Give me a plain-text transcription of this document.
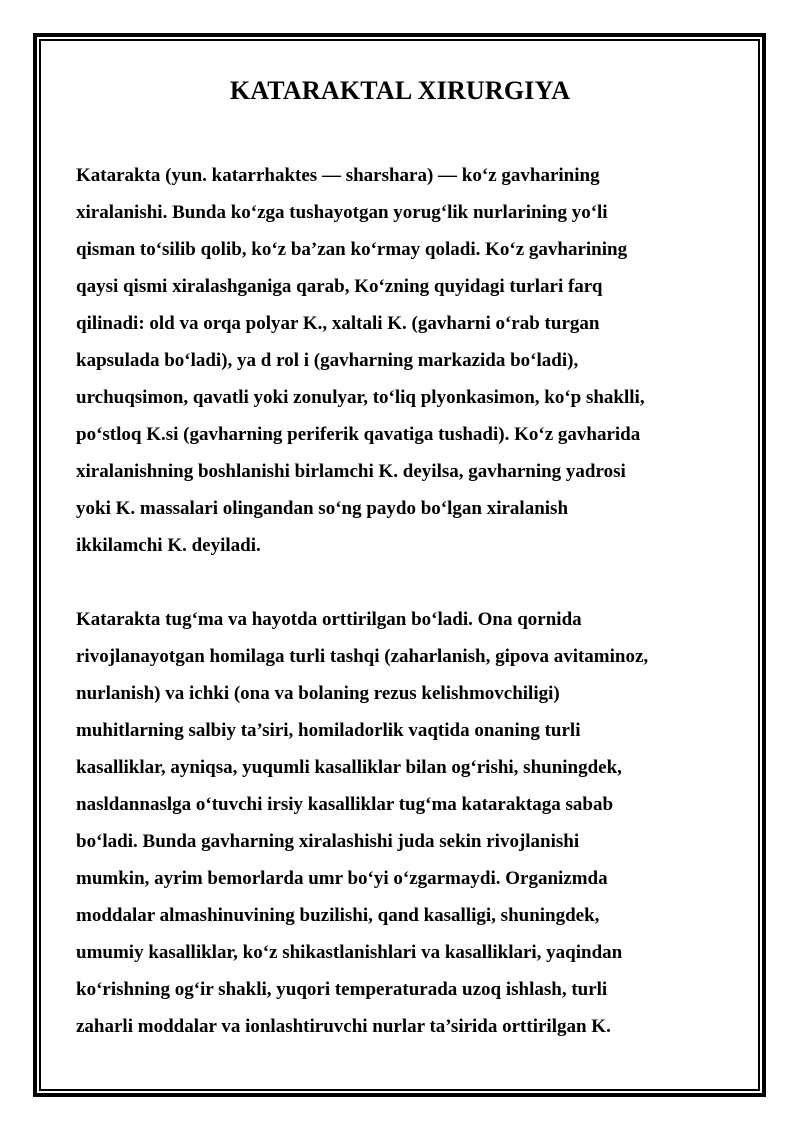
KATARAKTAL XIRURGIYA

Katarakta (yun. katarrhaktes — sharshara) — ko‘z gavharining
xiralanishi. Bunda ko‘zga tushayotgan yorug‘lik nurlarining yo‘li
qisman to‘silib qolib, ko‘z ba’zan ko‘rmay qoladi. Ko‘z gavharining
qaysi qismi xiralashganiga qarab, Ko‘zning quyidagi turlari farq
qilinadi: old va orqa polyar K., xaltali K. (gavharni o‘rab turgan
kapsulada bo‘ladi), ya d rol i (gavharning markazida bo‘ladi),
urchuqsimon, qavatli yoki zonulyar, to‘liq plyonkasimon, ko‘p shaklli,
po‘stloq K.si (gavharning periferik qavatiga tushadi). Ko‘z gavharida
xiralanishning boshlanishi birlamchi K. deyilsa, gavharning yadrosi
yoki K. massalari olingandan so‘ng paydo bo‘lgan xiralanish
ikkilamchi K. deyiladi.

Katarakta tug‘ma va hayotda orttirilgan bo‘ladi. Ona qornida
rivojlanayotgan homilaga turli tashqi (zaharlanish, gipova avitaminoz,
nurlanish) va ichki (ona va bolaning rezus kelishmovchiligi)
muhitlarning salbiy ta’siri, homiladorlik vaqtida onaning turli
kasalliklar, ayniqsa, yuqumli kasalliklar bilan og‘rishi, shuningdek,
nasldannaslga o‘tuvchi irsiy kasalliklar tug‘ma kataraktaga sabab
bo‘ladi. Bunda gavharning xiralashishi juda sekin rivojlanishi
mumkin, ayrim bemorlarda umr bo‘yi o‘zgarmaydi. Organizmda
moddalar almashinuvining buzilishi, qand kasalligi, shuningdek,
umumiy kasalliklar, ko‘z shikastlanishlari va kasalliklari, yaqindan
ko‘rishning og‘ir shakli, yuqori temperaturada uzoq ishlash, turli
zaharli moddalar va ionlashtiruvchi nurlar ta’sirida orttirilgan K.
